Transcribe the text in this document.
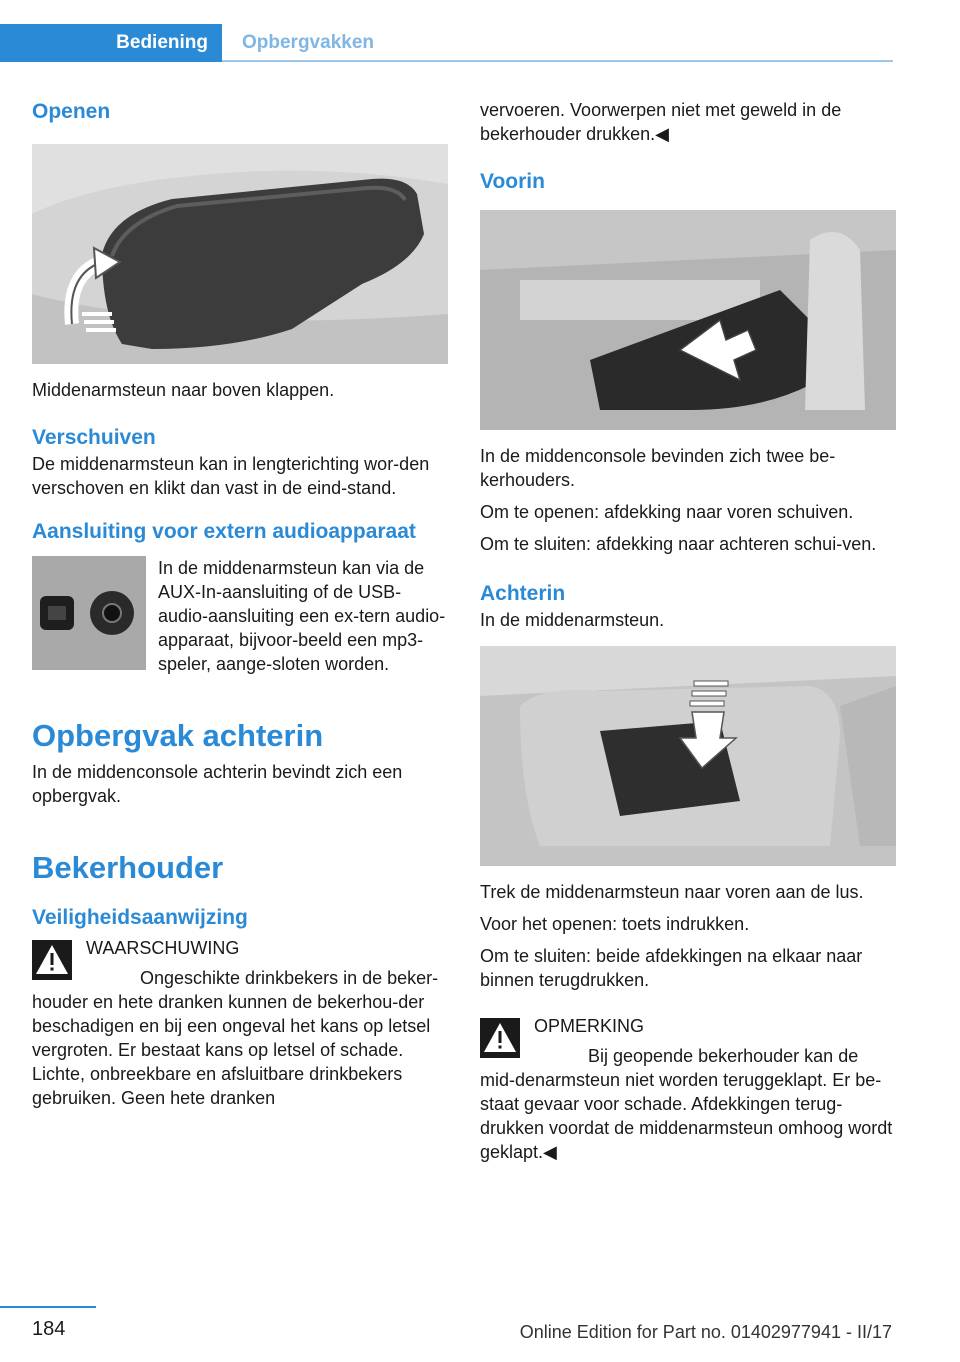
Bediening	Opbergvakken
Openen

Middenarmsteun naar boven klappen.

Verschuiven

De middenarmsteun kan in lengterichting wor-den verschoven en klikt dan vast in de eind-stand.

Aansluiting voor extern audioapparaat

In de middenarmsteun kan via de AUX-In-aansluiting of de USB-audio-aansluiting een ex-tern audio-apparaat, bijvoor-beeld een mp3-speler, aange-sloten worden.

Opbergvak achterin

In de middenconsole achterin bevindt zich een opbergvak.

Bekerhouder
Veiligheidsaanwijzing

WAARSCHUWING

Ongeschikte drinkbekers in de beker-houder en hete dranken kunnen de bekerhou-der beschadigen en bij een ongeval het kans op letsel vergroten. Er bestaat kans op letsel of schade. Lichte, onbreekbare en afsluitbare drinkbekers gebruiken. Geen hete dranken

vervoeren. Voorwerpen niet met geweld in de bekerhouder drukken.◀

Voorin

In de middenconsole bevinden zich twee be-kerhouders.

Om te openen: afdekking naar voren schuiven.

Om te sluiten: afdekking naar achteren schui-ven.

Achterin

In de middenarmsteun.

Trek de middenarmsteun naar voren aan de lus.

Voor het openen: toets indrukken.

Om te sluiten: beide afdekkingen na elkaar naar binnen terugdrukken.

OPMERKING

Bij geopende bekerhouder kan de mid-denarmsteun niet worden teruggeklapt. Er be-staat gevaar voor schade. Afdekkingen terug-drukken voordat de middenarmsteun omhoog wordt geklapt.◀

184	Online Edition for Part no. 01402977941 - II/17
